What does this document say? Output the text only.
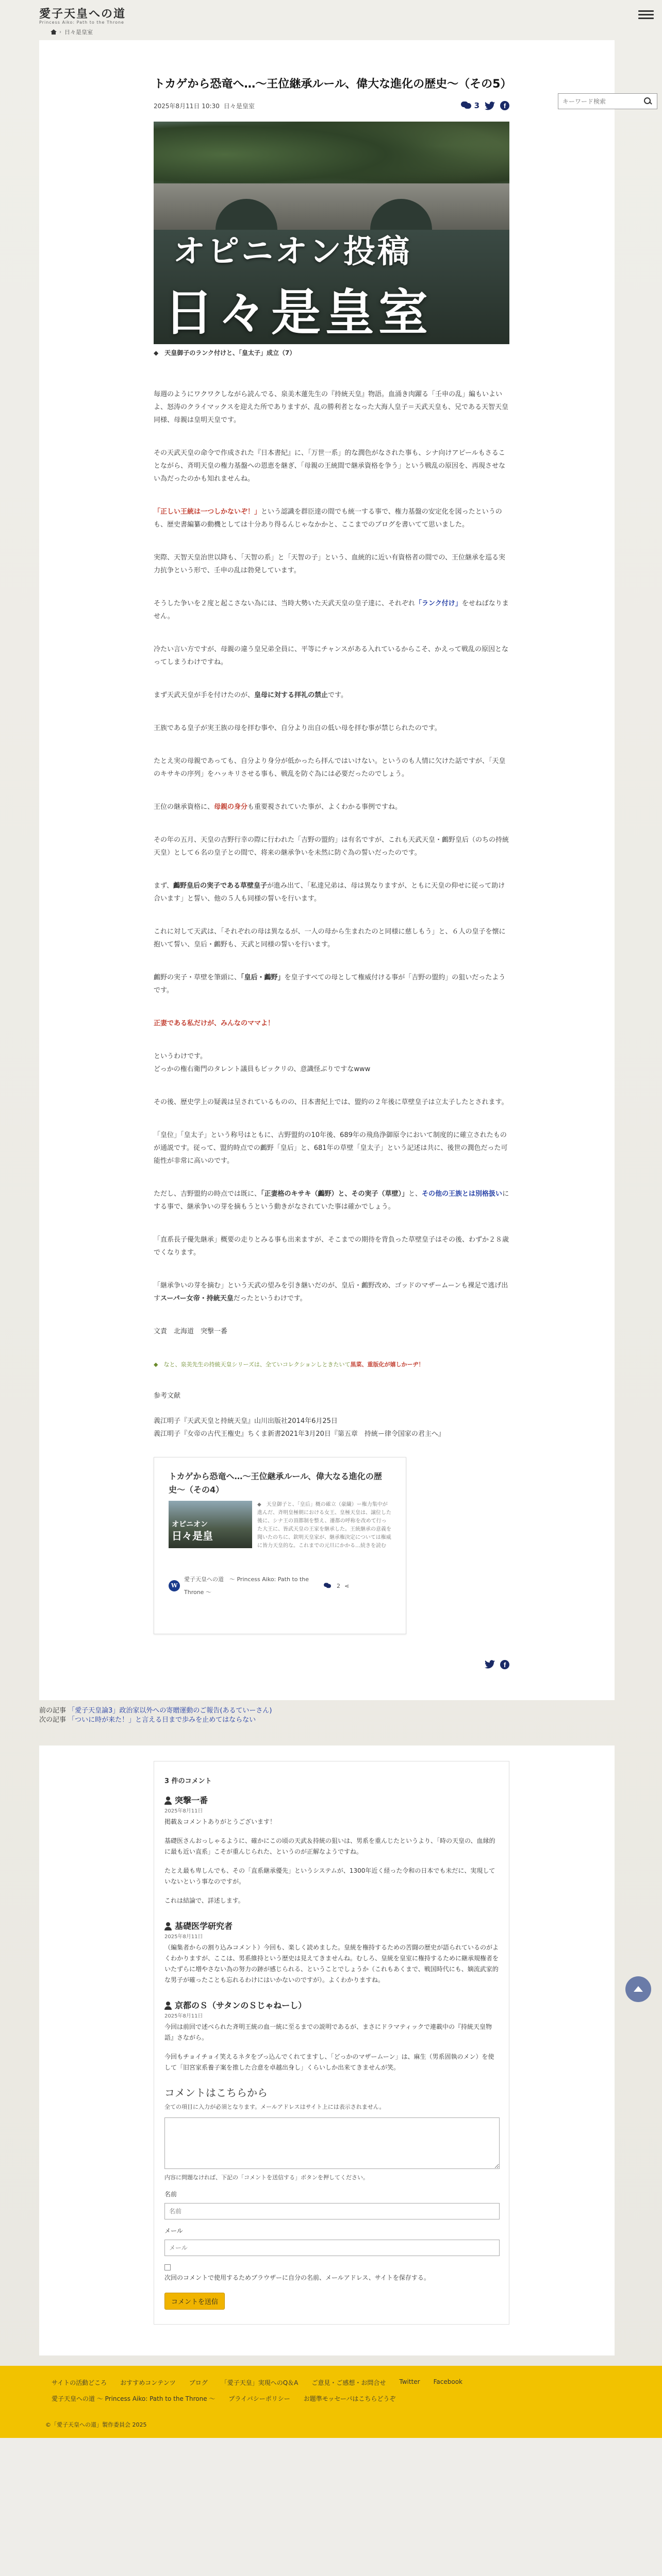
愛子天皇への道
Princess Aiko: Path to the Throne
› 日々是皇室
キーワード検索
トカゲから恐竜へ…〜王位継承ルール、偉大な進化の歴史〜（その5）
2025年8月11日 10:30 日々是皇室	3	f
オピニオン投稿
日々是皇室
◆　天皇御子のランク付けと、「皇太子」成立（7）

毎週のようにワクワクしながら読んでる、泉美木蓮先生の『持統天皇』物語。血涌き肉躍る「壬申の乱」編もいよいよ、怒涛のクライマックスを迎えた所でありますが、乱の勝利者となった大海人皇子＝天武天皇も、兄である天智天皇同様、母親は皇明天皇です。

その天武天皇の命令で作成された『日本書紀』に、「万世一系」的な潤色がなされた事も、シナ向けアピールもさることながら、斉明天皇の権力基盤への恩恵を継ぎ、「母親の王統間で継承資格を争う」という戦乱の原因を、再現させない為だったのかも知れませんね。

「正しい王統は一つしかないぞ！」という認識を群臣達の間でも統一する事で、権力基盤の安定化を図ったというのも、歴史書編纂の動機としては十分あり得るんじゃなかかと、ここまでのブログを書いてて思いました。

実際、天智天皇治世以降も、「天智の系」と「天智の子」という、血統的に近い有資格者の間での、王位継承を巡る実力抗争という形で、壬申の乱は勃発しています。

そうした争いを２度と起こさない為には、当時大勢いた天武天皇の皇子達に、それぞれ「ランク付け」をせねばなりません。

冷たい言い方ですが、母親の違う皇兄弟全員に、平等にチャンスがある入れているからこそ、かえって戦乱の原因となってしまうわけですね。

まず天武天皇が手を付けたのが、皇母に対する拝礼の禁止です。

王族である皇子が実王族の母を拝む事や、自分より出自の低い母を拝む事が禁じられたのです。

たとえ実の母親であっても、自分より身分が低かったら拝んではいけない。というのも人情に欠けた話ですが、「天皇のキサキの序列」をハッキリさせる事も、戦乱を防ぐ為には必要だったのでしょう。

王位の継承資格に、母親の身分も重要視されていた事が、よくわかる事例ですね。

その年の五月、天皇の吉野行幸の際に行われた「吉野の盟約」は有名ですが、これも天武天皇・鸕野皇后（のちの持統天皇）として６名の皇子との間で、将来の継承争いを未然に防ぐ為の誓いだったのです。

まず、鸕野皇后の実子である草壁皇子が進み出て、「私達兄弟は、母は異なりますが、ともに天皇の仰せに従って助け合います」と誓い、他の５人も同様の誓いを行います。

これに対して天武は、「それぞれの母は異なるが、一人の母から生まれたのと同様に慈しもう」と、６人の皇子を懐に抱いて誓い、皇后・鸕野も、天武と同様の誓いを行います。

鸕野の実子・草壁を筆頭に、「皇后・鸕野」を皇子すべての母として権威付ける事が「吉野の盟約」の狙いだったようです。

正妻である私だけが、みんなのママよ！

というわけです。
どっかの権右衛門のタレント議員もビックリの、意識怪ぶりですなwww

その後、歴史学上の疑義は呈されているものの、日本書紀上では、盟約の２年後に草壁皇子は立太子したとされます。

「皇位」「皇太子」という称号はともに、古野盟約の10年後、689年の飛鳥浄御原令において制度的に確立されたものが通説です。従って、盟約時点での鸕野「皇后」と、681年の草壁「皇太子」という記述は共に、後世の潤色だった可能性が非常に高いのです。

ただし、吉野盟約の時点では既に、「正妻格のキサキ（鸕野）と、その実子（草壁）」と、その他の王族とは別格扱いにする事で、継承争いの芽を摘もうという動きがなされていた事は確かでしょう。

「直系長子優先継承」概要の走りとみる事も出来ますが、そこまでの期待を背負った草壁皇子はその後、わずか２８歳でくなります。

「継承争いの芽を摘む」という天武の望みを引き継いだのが、皇后・鸕野改め、ゴッドのマザームーンも裸足で逃げ出すスーパー女帝・持統天皇だったというわけです。

文責　北海道　突撃一番

◆　なと、泉美先生の持統天皇シリーズは、全ていコレクションしときたいて黒菜、重版化が嬉しかーヂ！
参考文献
義江明子『天武天皇と持統天皇』山川出版社2014年6月25日
義江明子『女帝の古代王権史』ちくま新書2021年3月20日『第五章　持統ー律令国家の君主へ』
トカゲから恐竜へ…〜王位継承ルール、偉大なる進化の歴史〜（その4）
オピニオン
日々是皇
◆　天皇御子と、「皇后」概の確立（豪繊）ー権力集中が進んだ、斉明皇極朝における女王、皇極天皇は、譲位した後に、シナ王の頂都制を整え、遷都の呼称を改めて行った大王に、皆武天皇の王家を継承した。王統継承の意義を聞いたのちに、欽明天皇家が、継承権決定については権威に皆力天皇的な。これまでの元旦にかかる…続きを読む
W
愛子天皇への道　〜 Princess Aiko: Path to the Throne 〜
2 ⋖
f
前の記事 「愛子天皇論3」政治家以外への寄贈運動のご報告(あるていーさん)
次の記事 「ついに時が来た！」と言える日まで歩みを止めてはならない
3 件のコメント
突撃一番
2025年8月11日

掲載＆コメントありがとうございます！

基礎医さんおっしゃるように、確かにこの頃の天武＆持統の狙いは、男系を重んじたというより、「時の天皇の、血縁的に最も近い直系」こそが重んじられた、というのが正解なようですね。

たとえ最も卑しんでも、その「直系継承優先」というシステムが、1300年近く経った令和の日本でも未だに、実現していないという事なのですが。

これは結論で、詳述します。

基礎医学研究者
2025年8月11日

（編集者からの割り込みコメント）今回も、楽しく読めました。皇統を権持するための苦闘の歴史が語られているのがよくわかりますが、ここは、男系維持という歴史は見えてきませんね。むしろ、皇統を皇室に権持するために継承規権者をいたずらに増やさない為の努力の跡が感じられる、ということでしょうか（これもあくまで、戦国時代にも、嫡流武家的な男子が確ったことも忘れるわけにはいかないのですが）。よくわかりますね。

京都のＳ（サタンのＳじゃねーし）
2025年8月11日

今回は前回で述べられた斉明王統の血一統に至るまでの説明であるが、まさにドラマティックで連載中の『持統天皇物語』さながら。

今回もチョイチョイ笑えるネタをブっ込んでくれてますし、「どっかのマザームーン」は、麻生（男系固執のメン）を使して「旧宮家系養子案を推した合意を卓越出身し」くらいしか出来てきませんが笑。

コメントはこちらから
全ての項目に入力が必須となります。メールアドレスはサイト上には表示されません。
内容に問題なければ、下記の「コメントを送信する」ボタンを押してください。
名前
名前
メール
メール
次回のコメントで使用するためブラウザーに自分の名前、メールアドレス、サイトを保存する。
コメントを送信
サイトの活動どころ おすすめコンテンツ ブログ 「愛子天皇」実現へのQ＆A ご意見・ご感想・お問合せ Twitter Facebook
愛子天皇への道 〜 Princess Aiko: Path to the Throne 〜 プライバシーポリシー お題準モッセーパはこちらどうぞ
©「愛子天皇への道」製作委員会 2025
